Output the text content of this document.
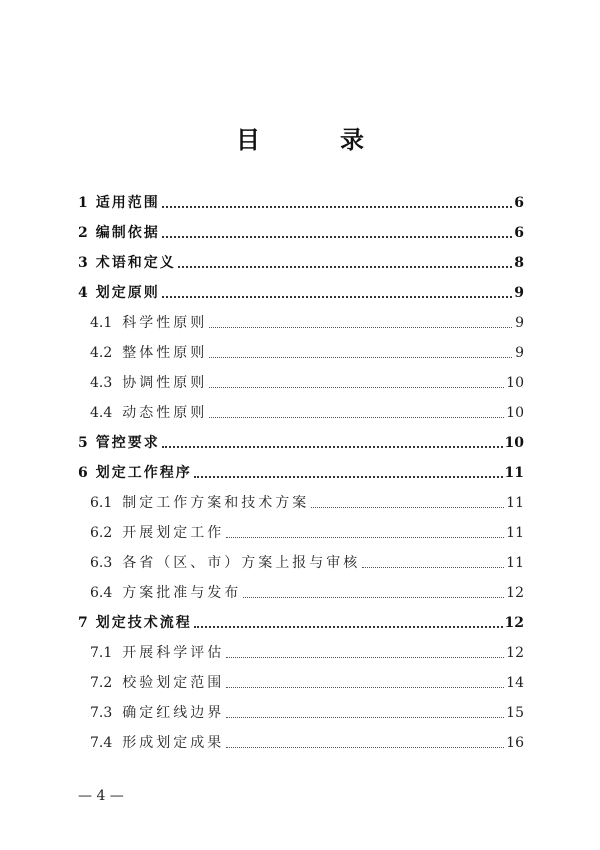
目　录
1 适用范围	6
2 编制依据	6
3 术语和定义	8
4 划定原则	9
4.1 科学性原则	9
4.2 整体性原则	9
4.3 协调性原则	10
4.4 动态性原则	10
5 管控要求	10
6 划定工作程序	11
6.1 制定工作方案和技术方案	11
6.2 开展划定工作	11
6.3 各省（区、市）方案上报与审核	11
6.4 方案批准与发布	12
7 划定技术流程	12
7.1 开展科学评估	12
7.2 校验划定范围	14
7.3 确定红线边界	15
7.4 形成划定成果	16
— 4 —
